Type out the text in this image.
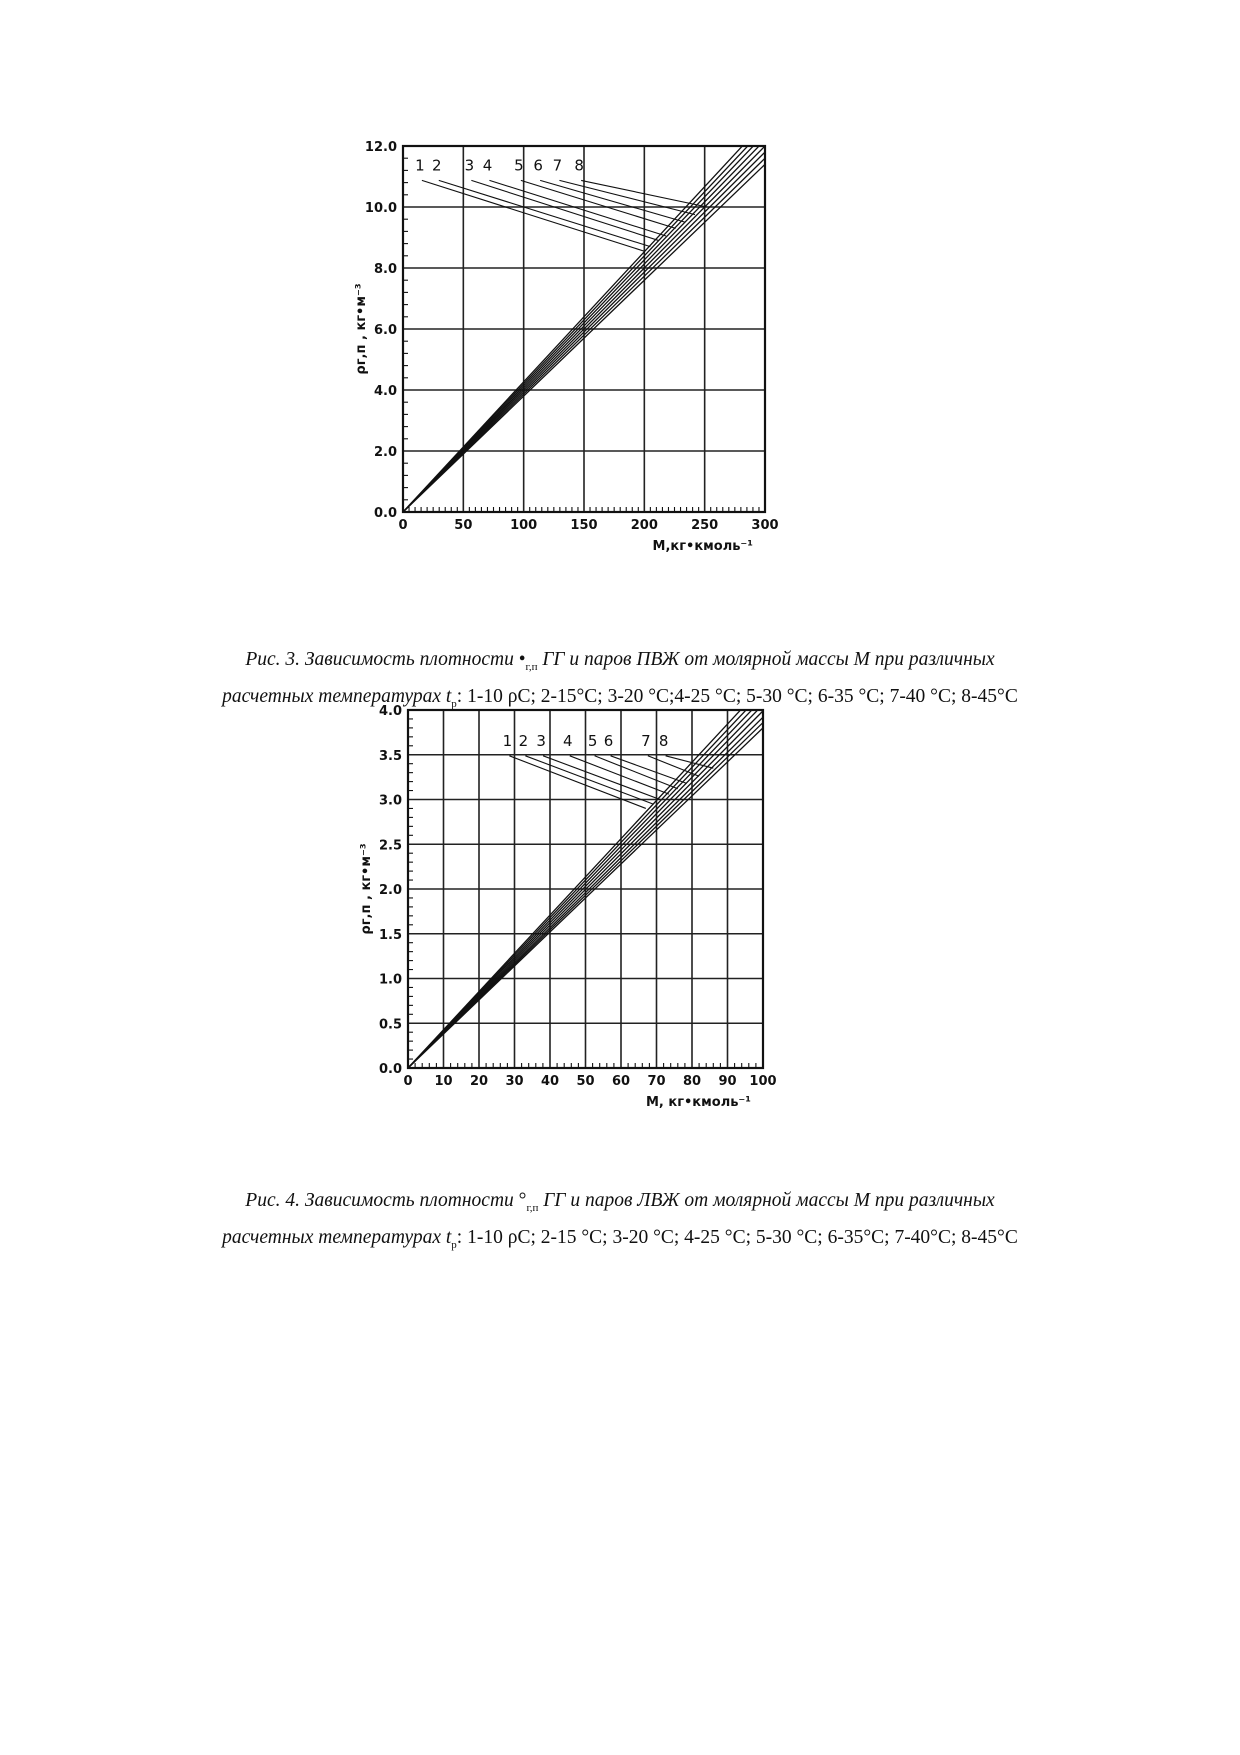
0	50	100	150	200	250	300
0.0
2.0
4.0
6.0
8.0
10.0
12.0
М,кг•кмоль⁻¹
ρг,п , кг•м⁻³
1 2 3 4 5 6 7 8
Рис. 3. Зависимость плотности $•_{г,п}$ ГГ и паров ПВЖ от молярной массы М при различных
расчетных температурах $t_р$: 1-10 ρС; 2-15°С; 3-20 °С;4-25 °С; 5-30 °С; 6-35 °С; 7-40 °С; 8-45°С
0 10 20 30 40 50 60 70 80 90 100
0.0
0.5
1.0
1.5
2.0
2.5
3.0
3.5
4.0
М, кг•кмоль⁻¹
ρг,п , кг•м⁻³
1 2 3 4 5 6 7 8
Рис. 4. Зависимость плотности $^\circ_{г,п}$ ГГ и паров ЛВЖ от молярной массы М при различных
расчетных температурах $t_р$: 1-10 ρС; 2-15 °С; 3-20 °С; 4-25 °С; 5-30 °С; 6-35°С; 7-40°С; 8-45°С
